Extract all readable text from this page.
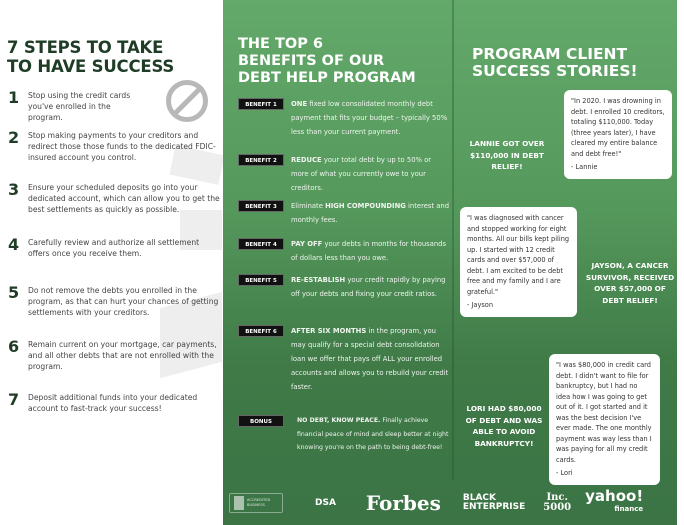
7 STEPS TO TAKE
TO HAVE SUCCESS
1	Stop using the credit cards you've enrolled in the program.
2	Stop making payments to your creditors and redirect those those funds to the dedicated FDIC-insured account you control.
3	Ensure your scheduled deposits go into your dedicated account, which can allow you to get the best settlements as quickly as possible.
4	Carefully review and authorize all settlement offers once you receive them.
5	Do not remove the debts you enrolled in the program, as that can hurt your chances of getting settlements with your creditors.
6	Remain current on your mortgage, car payments, and all other debts that are not enrolled with the program.
7	Deposit additional funds into your dedicated account to fast-track your success!
THE TOP 6
BENEFITS OF OUR
DEBT HELP PROGRAM
BENEFIT 1	ONE fixed low consolidated monthly debt payment that fits your budget – typically 50% less than your current payment.
BENEFIT 2	REDUCE your total debt by up to 50% or more of what you currently owe to your creditors.
BENEFIT 3	Eliminate HIGH COMPOUNDING interest and monthly fees.
BENEFIT 4	PAY OFF your debts in months for thousands of dollars less than you owe.
BENEFIT 5	RE-ESTABLISH your credit rapidly by paying off your debts and fixing your credit ratios.
BENEFIT 6	AFTER SIX MONTHS in the program, you may qualify for a special debt consolidation loan we offer that pays off ALL your enrolled accounts and allows you to rebuild your credit faster.
BONUS	NO DEBT, KNOW PEACE. Finally achieve financial peace of mind and sleep better at night knowing you're on the path to being debt-free!
PROGRAM CLIENT
SUCCESS STORIES!
LANNIE GOT OVER $110,000 IN DEBT RELIEF!
"In 2020. I was drowning in debt. I enrolled 10 creditors, totaling $110,000. Today (three years later), I have cleared my entire balance and debt free!"
- Lannie
"I was diagnosed with cancer and stopped working for eight months. All our bills kept piling up. I started with 12 credit cards and over $57,000 of debt. I am excited to be debt free and my family and I are grateful."
- Jayson
JAYSON, A CANCER SURVIVOR, RECEIVED OVER $57,000 OF DEBT RELIEF!
LORI HAD $80,000 OF DEBT AND WAS ABLE TO AVOID BANKRUPTCY!
"I was $80,000 in credit card debt. I didn't want to file for bankruptcy, but I had no idea how I was going to get out of it. I got started and it was the best decision I've ever made. The one monthly payment was way less than I was paying for all my credit cards.
- Lori
ACCREDITED
BUSINESS	DSA Forbes BLACK
ENTERPRISE
Inc.
5000
yahoo!
finance
